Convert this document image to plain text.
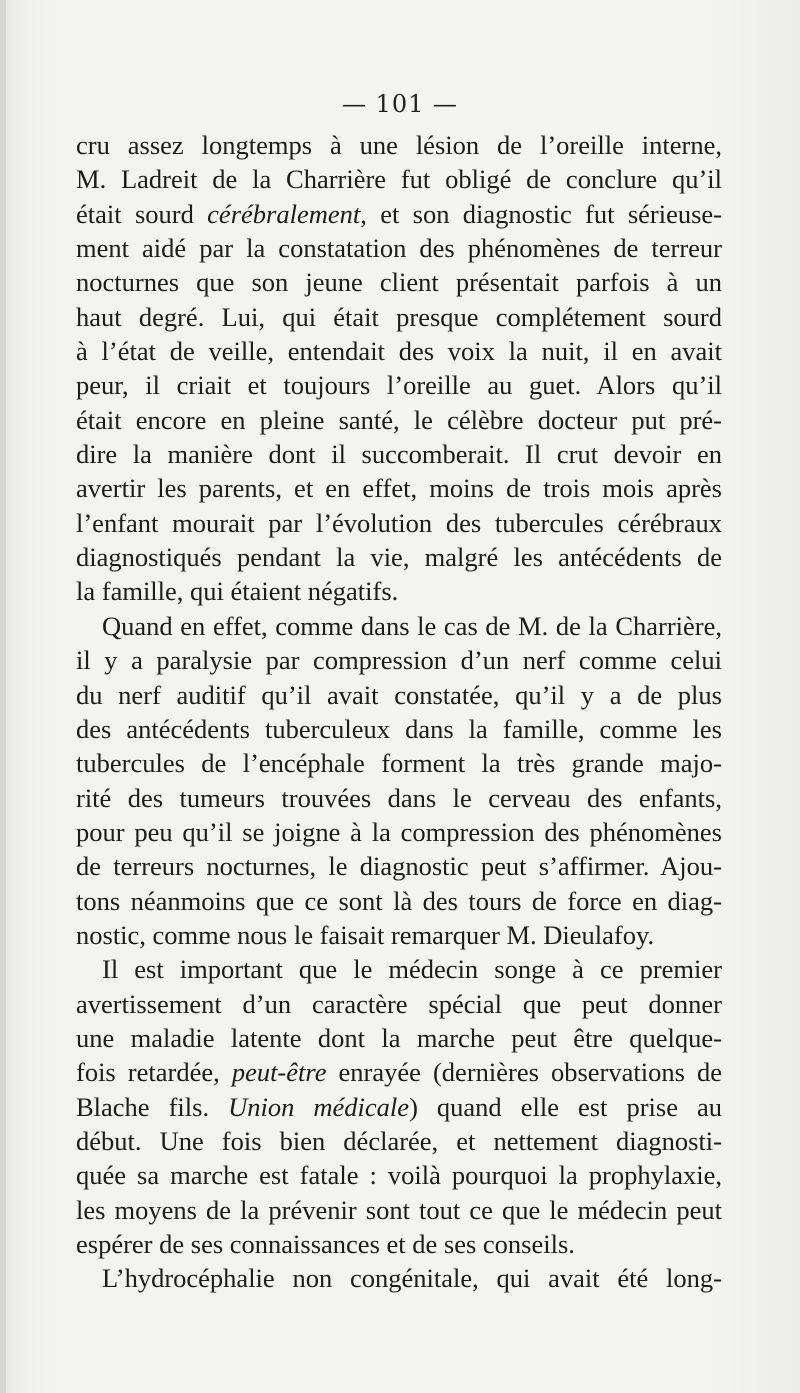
— 101 —
cru assez longtemps à une lésion de l’oreille interne,
M. Ladreit de la Charrière fut obligé de conclure qu’il
était sourd cérébralement, et son diagnostic fut sérieuse-
ment aidé par la constatation des phénomènes de terreur
nocturnes que son jeune client présentait parfois à un
haut degré. Lui, qui était presque complétement sourd
à l’état de veille, entendait des voix la nuit, il en avait
peur, il criait et toujours l’oreille au guet. Alors qu’il
était encore en pleine santé, le célèbre docteur put pré-
dire la manière dont il succomberait. Il crut devoir en
avertir les parents, et en effet, moins de trois mois après
l’enfant mourait par l’évolution des tubercules cérébraux
diagnostiqués pendant la vie, malgré les antécédents de
la famille, qui étaient négatifs.
Quand en effet, comme dans le cas de M. de la Charrière,
il y a paralysie par compression d’un nerf comme celui
du nerf auditif qu’il avait constatée, qu’il y a de plus
des antécédents tuberculeux dans la famille, comme les
tubercules de l’encéphale forment la très grande majo-
rité des tumeurs trouvées dans le cerveau des enfants,
pour peu qu’il se joigne à la compression des phénomènes
de terreurs nocturnes, le diagnostic peut s’affirmer. Ajou-
tons néanmoins que ce sont là des tours de force en diag-
nostic, comme nous le faisait remarquer M. Dieulafoy.
Il est important que le médecin songe à ce premier
avertissement d’un caractère spécial que peut donner
une maladie latente dont la marche peut être quelque-
fois retardée, peut-être enrayée (dernières observations de
Blache fils. Union médicale) quand elle est prise au
début. Une fois bien déclarée, et nettement diagnosti-
quée sa marche est fatale : voilà pourquoi la prophylaxie,
les moyens de la prévenir sont tout ce que le médecin peut
espérer de ses connaissances et de ses conseils.
L’hydrocéphalie non congénitale, qui avait été long-
